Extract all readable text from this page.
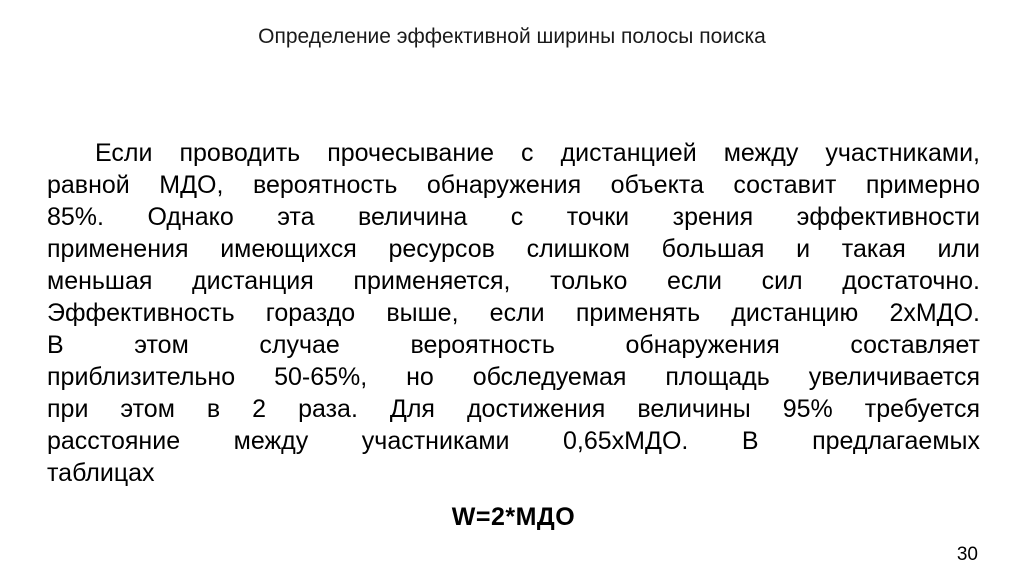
Определение эффективной ширины полосы поиска
Если проводить прочесывание с дистанцией между участниками,
равной МДО, вероятность обнаружения объекта составит примерно
85%. Однако эта величина с точки зрения эффективности
применения имеющихся ресурсов слишком большая и такая или
меньшая дистанция применяется, только если сил достаточно.
Эффективность гораздо выше, если применять дистанцию 2хМДО.
В этом случае вероятность обнаружения составляет
приблизительно 50-65%, но обследуемая площадь увеличивается
при этом в 2 раза. Для достижения величины 95% требуется
расстояние между участниками 0,65хМДО. В предлагаемых
таблицах
W=2*МДО
30
